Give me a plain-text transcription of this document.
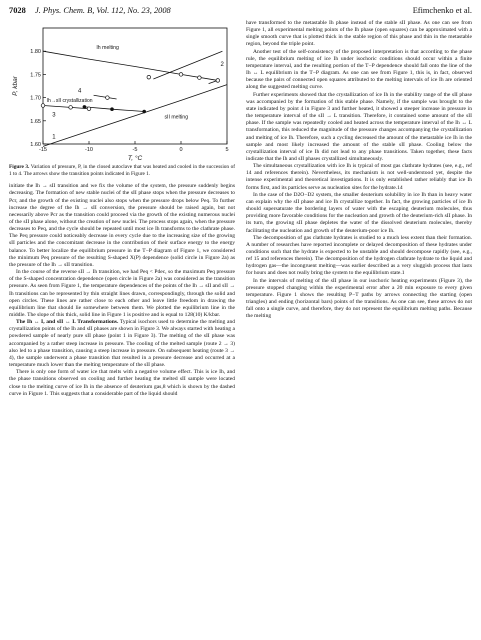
7028 J. Phys. Chem. B, Vol. 112, No. 23, 2008	Efimchenko et al.
-15	-10	-5	0	5
1.60
1.65
1.70
1.75
1.80
T, °C
P, kbar
Ih melting
sII melting
Ih→sII crystallization
1
2
3
4
Figure 3. Variation of pressure, P, in the closed autoclave that was heated and cooled in the succession of 1 to 4. The arrows show the transition points indicated in Figure 1.

initiate the Ih → sII transition and we fix the volume of the system, the pressure suddenly begins decreasing. The formation of new stable nuclei of the sII phase stops when the pressure decreases to Pcr, and the growth of the existing nuclei also stops when the pressure drops below Peq. To further increase the degree of the Ih → sII conversion, the pressure should be raised again, but not necessarily above Pcr as the transition could proceed via the growth of the existing numerous nuclei of the sII phase alone, without the creation of new nuclei. The process stops again, when the pressure decreases to Peq, and the cycle should be repeated until most ice Ih transforms to the clathrate phase. The Peq pressure could noticeably decrease in every cycle due to the increasing size of the growing sII particles and the concomitant decrease in the contribution of their surface energy to the energy balance. To better localize the equilibrium pressure in the T−P diagram of Figure 1, we considered the minimum Peq pressure of the resulting S-shaped X(P) dependence (solid circle in Figure 2a) as the pressure of the Ih → sII transition.

In the course of the reverse sII → Ih transition, we had Peq < Pdec, so the maximum Peq pressure of the S-shaped concentration dependence (open circle in Figure 2a) was considered as the transition pressure. As seen from Figure 1, the temperature dependences of the points of the Ih → sII and sII → Ih transitions can be represented by thin straight lines drawn, correspondingly, through the solid and open circles. These lines are rather close to each other and leave little freedom in drawing the equilibrium line that should lie somewhere between them. We plotted the equilibrium line in the middle. The slope of this thick, solid line in Figure 1 is positive and is equal to 128(10) K/kbar.

The Ih ↔ I, and sII ↔ I. Transformations. Typical isochors used to determine the melting and crystallization points of the Ih and sII phases are shown in Figure 3. We always started with heating a powdered sample of nearly pure sII phase (point 1 in Figure 3). The melting of the sII phase was accompanied by a rather steep increase in pressure. The cooling of the melted sample (route 2 → 3) also led to a phase transition, causing a steep increase in pressure. On subsequent heating (route 3 → 4), the sample underwent a phase transition that resulted in a pressure decrease and occurred at a temperature much lower than the melting temperature of the sII phase.

There is only one form of water ice that melts with a negative volume effect. This is ice Ih, and the phase transitions observed on cooling and further heating the melted sII sample were located close to the melting curve of ice Ih in the absence of deuterium gas,8 which is shown by the dashed curve in Figure 1. This suggests that a considerable part of the liquid should

have transformed to the metastable Ih phase instead of the stable sII phase. As one can see from Figure 1, all experimental melting points of the Ih phase (open squares) can be approximated with a single smooth curve that is plotted thick in the stable region of this phase and thin in the metastable region, beyond the triple point.

Another test of the self-consistency of the proposed interpretation is that according to the phase rule, the equilibrium melting of ice Ih under isochoric conditions should occur within a finite temperature interval, and the resulting portion of the T−P dependence should fall onto the line of the Ih ↔ L equilibrium in the T−P diagram. As one can see from Figure 1, this is, in fact, observed because the pairs of connected open squares attributed to the melting intervals of ice Ih are oriented along the suggested melting curve.

Further experiments showed that the crystallization of ice Ih in the stability range of the sII phase was accompanied by the formation of this stable phase. Namely, if the sample was brought to the state indicated by point 4 in Figure 3 and further heated, it showed a steeper increase in pressure in the temperature interval of the sII → L transition. Therefore, it contained some amount of the sII phase. If the sample was repeatedly cooled and heated across the temperature interval of the Ih ↔ L transformation, this reduced the magnitude of the pressure changes accompanying the crystallization and melting of ice Ih. Therefore, such a cycling decreased the amount of the metastable ice Ih in the sample and most likely increased the amount of the stable sII phase. Cooling below the crystallization interval of ice Ih did not lead to any phase transitions. Taken together, these facts indicate that the Ih and sII phases crystallized simultaneously.

The simultaneous crystallization with ice Ih is typical of most gas clathrate hydrates (see, e.g., ref 14 and references therein). Nevertheless, its mechanism is not well-understood yet, despite the intense experimental and theoretical investigations. It is only established rather reliably that ice Ih forms first, and its particles serve as nucleation sites for the hydrate.14

In the case of the D2O−D2 system, the smaller deuterium solubility in ice Ih than in heavy water can explain why the sII phase and ice Ih crystallize together. In fact, the growing particles of ice Ih should supersaturate the bordering layers of water with the escaping deuterium molecules, thus providing more favorable conditions for the nucleation and growth of the deuterium-rich sII phase. In its turn, the growing sII phase depletes the water of the dissolved deuterium molecules, thereby facilitating the nucleation and growth of the deuterium-poor ice Ih.

The decomposition of gas clathrate hydrates is studied to a much less extent than their formation. A number of researches have reported incomplete or delayed decomposition of these hydrates under conditions such that the hydrate is expected to be unstable and should decompose rapidly (see, e.g., ref 15 and references therein). The decomposition of the hydrogen clathrate hydrate to the liquid and hydrogen gas—the incongruent melting—was earlier described as a very sluggish process that lasts for hours and does not really bring the system to the equilibrium state.1

In the intervals of melting of the sII phase in our isochoric heating experiments (Figure 3), the pressure stopped changing within the experimental error after a 20 min exposure to every given temperature. Figure 1 shows the resulting P−T paths by arrows connecting the starting (open triangles) and ending (horizontal bars) points of the transitions. As one can see, these arrows do not fall onto a single curve, and therefore, they do not represent the equilibrium melting paths. Because the melting
